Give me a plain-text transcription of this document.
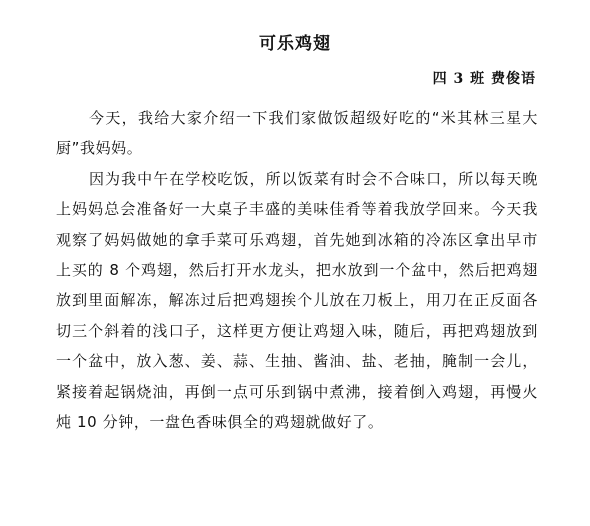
可乐鸡翅
四 3 班 费俊语

今天，我给大家介绍一下我们家做饭超级好吃的“米其林三星大厨”我妈妈。

因为我中午在学校吃饭，所以饭菜有时会不合味口，所以每天晚上妈妈总会准备好一大桌子丰盛的美味佳肴等着我放学回来。今天我观察了妈妈做她的拿手菜可乐鸡翅，首先她到冰箱的冷冻区拿出早市上买的 8 个鸡翅，然后打开水龙头，把水放到一个盆中，然后把鸡翅放到里面解冻，解冻过后把鸡翅挨个儿放在刀板上，用刀在正反面各切三个斜着的浅口子，这样更方便让鸡翅入味，随后，再把鸡翅放到一个盆中，放入葱、姜、蒜、生抽、酱油、盐、老抽，腌制一会儿，紧接着起锅烧油，再倒一点可乐到锅中煮沸，接着倒入鸡翅，再慢火炖 10 分钟，一盘色香味俱全的鸡翅就做好了。
